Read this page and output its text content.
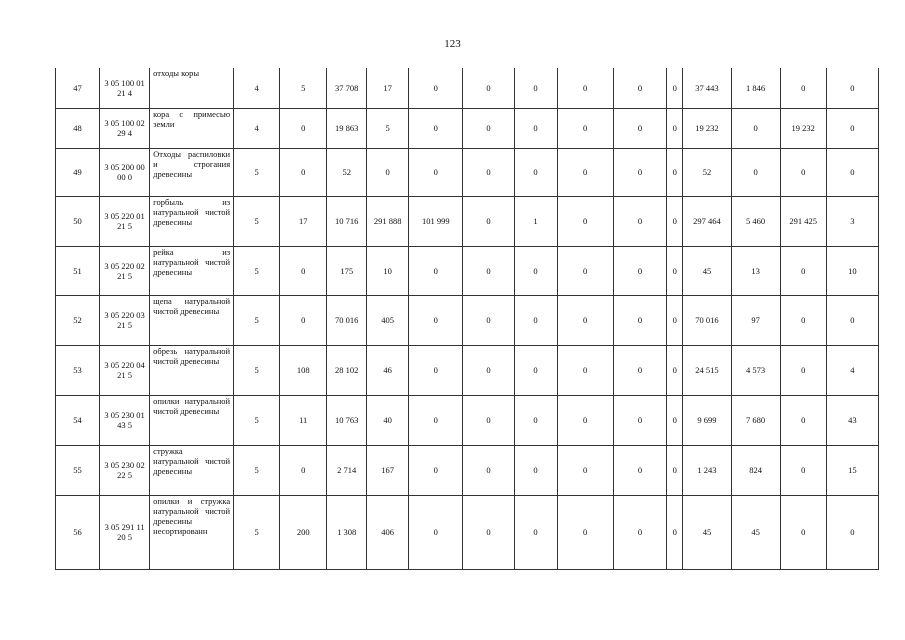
123
47	3 05 100 01 21 4	отходы коры	4	5	37 708	17	0	0	0	0	0	0	37 443	1 846	0	0
48	3 05 100 02 29 4	кора с примесью земли	4	0	19 863	5	0	0	0	0	0	0	19 232	0	19 232	0
49	3 05 200 00 00 0	Отходы распиловки и строгания древесины	5	0	52	0	0	0	0	0	0	0	52	0	0	0
50	3 05 220 01 21 5	горбыль из натуральной чистой древесины	5	17	10 716	291 888	101 999	0	1	0	0	0	297 464	5 460	291 425	3
51	3 05 220 02 21 5	рейка из натуральной чистой древесины	5	0	175	10	0	0	0	0	0	0	45	13	0	10
52	3 05 220 03 21 5	щепа натуральной чистой древесины	5	0	70 016	405	0	0	0	0	0	0	70 016	97	0	0
53	3 05 220 04 21 5	обрезь натуральной чистой древесины	5	108	28 102	46	0	0	0	0	0	0	24 515	4 573	0	4
54	3 05 230 01 43 5	опилки натуральной чистой древесины	5	11	10 763	40	0	0	0	0	0	0	9 699	7 680	0	43
55	3 05 230 02 22 5	стружка натуральной чистой древесины	5	0	2 714	167	0	0	0	0	0	0	1 243	824	0	15
56	3 05 291 11 20 5	опилки и стружка натуральной чистой древесины несортированн	5	200	1 308	406	0	0	0	0	0	0	45	45	0	0
